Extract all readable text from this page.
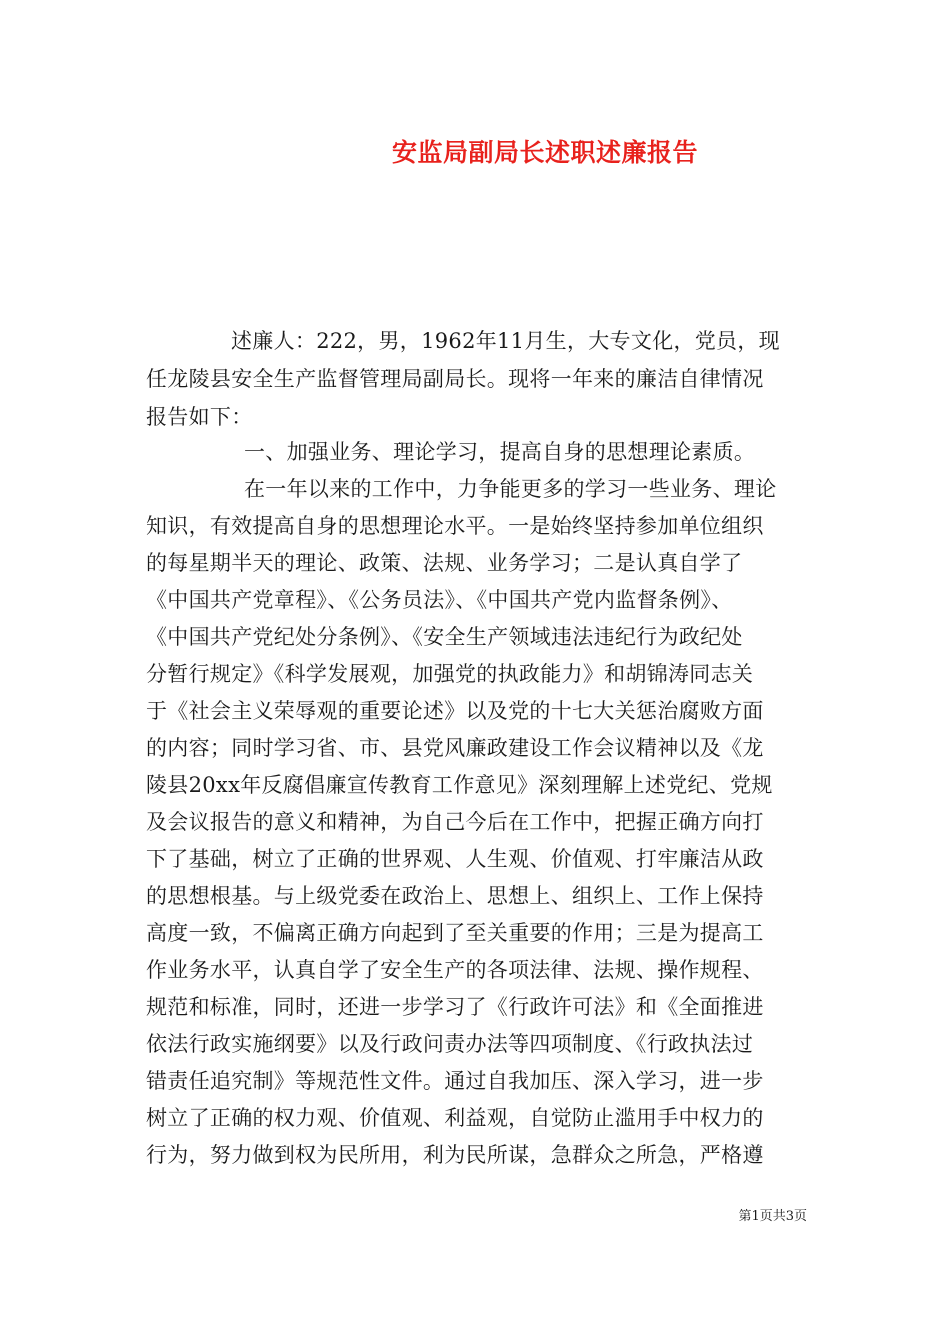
安监局副局长述职述廉报告
述廉人：222，男，1962年11月生，大专文化，党员，现
任龙陵县安全生产监督管理局副局长。现将一年来的廉洁自律情况
报告如下：
一、加强业务、理论学习，提高自身的思想理论素质。
在一年以来的工作中，力争能更多的学习一些业务、理论
知识，有效提高自身的思想理论水平。一是始终坚持参加单位组织
的每星期半天的理论、政策、法规、业务学习；二是认真自学了
《中国共产党章程》、《公务员法》、《中国共产党内监督条例》、
《中国共产党纪处分条例》、《安全生产领域违法违纪行为政纪处
分暂行规定》《科学发展观，加强党的执政能力》和胡锦涛同志关
于《社会主义荣辱观的重要论述》以及党的十七大关惩治腐败方面
的内容；同时学习省、市、县党风廉政建设工作会议精神以及《龙
陵县20xx年反腐倡廉宣传教育工作意见》深刻理解上述党纪、党规
及会议报告的意义和精神，为自己今后在工作中，把握正确方向打
下了基础，树立了正确的世界观、人生观、价值观、打牢廉洁从政
的思想根基。与上级党委在政治上、思想上、组织上、工作上保持
高度一致，不偏离正确方向起到了至关重要的作用；三是为提高工
作业务水平，认真自学了安全生产的各项法律、法规、操作规程、
规范和标准，同时，还进一步学习了《行政许可法》和《全面推进
依法行政实施纲要》以及行政问责办法等四项制度、《行政执法过
错责任追究制》等规范性文件。通过自我加压、深入学习，进一步
树立了正确的权力观、价值观、利益观，自觉防止滥用手中权力的
行为，努力做到权为民所用，利为民所谋，急群众之所急，严格遵
第1页共3页
